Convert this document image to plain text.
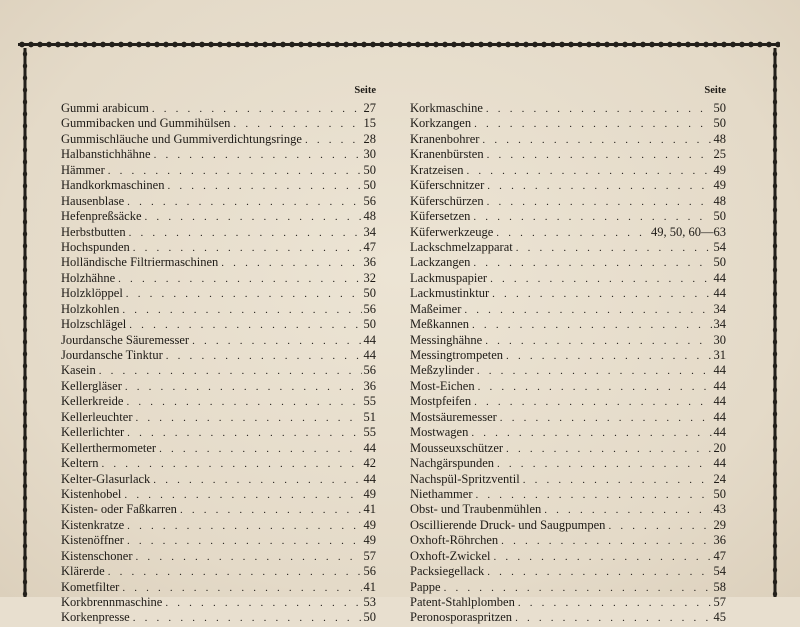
Seite
Gummi arabicum . . .	27
Gummibacken und Gummihülsen . . .	15
Gummischläuche und Gummiverdichtungsringe . . .	28
Halbanstichhähne . . .	30
Hämmer . . .	50
Handkorkmaschinen . . .	50
Hausenblase . . .	56
Hefenpreßsäcke . . .	48
Herbstbutten . . .	34
Hochspunden . . .	47
Holländische Filtriermaschinen . . .	36
Holzhähne . . .	32
Holzklöppel . . .	50
Holzkohlen . . .	56
Holzschlägel . . .	50
Jourdansche Säuremesser . . .	44
Jourdansche Tinktur . . .	44
Kasein . . .	56
Kellergläser . . .	36
Kellerkreide . . .	55
Kellerleuchter . . .	51
Kellerlichter . . .	55
Kellerthermometer . . .	44
Keltern . . .	42
Kelter-Glasurlack . . .	44
Kistenhobel . . .	49
Kisten- oder Faßkarren . . .	41
Kistenkratze . . .	49
Kistenöffner . . .	49
Kistenschoner . . .	57
Klärerde . . .	56
Kometfilter . . .	41
Korkbrennmaschine . . .	53
Korkenpresse . . .	50
Seite
Korkmaschine . . .	50
Korkzangen . . .	50
Kranenbohrer . . .	48
Kranenbürsten . . .	25
Kratzeisen . . .	49
Küferschnitzer . . .	49
Küferschürzen . . .	48
Küfersetzen . . .	50
Küferwerkzeuge . . .	49, 50, 60—63
Lackschmelzapparat . . .	54
Lackzangen . . .	50
Lackmuspapier . . .	44
Lackmustinktur . . .	44
Maßeimer . . .	34
Meßkannen . . .	34
Messinghähne . . .	30
Messingtrompeten . . .	31
Meßzylinder . . .	44
Most-Eichen . . .	44
Mostpfeifen . . .	44
Mostsäuremesser . . .	44
Mostwagen . . .	44
Mousseuxschützer . . .	20
Nachgärspunden . . .	44
Nachspül-Spritzventil . . .	24
Niethammer . . .	50
Obst- und Traubenmühlen . . .	43
Oscillierende Druck- und Saugpumpen . . .	29
Oxhoft-Röhrchen . . .	36
Oxhoft-Zwickel . . .	47
Packsiegellack . . .	54
Pappe . . .	58
Patent-Stahlplomben . . .	57
Peronosporaspritzen . . .	45
